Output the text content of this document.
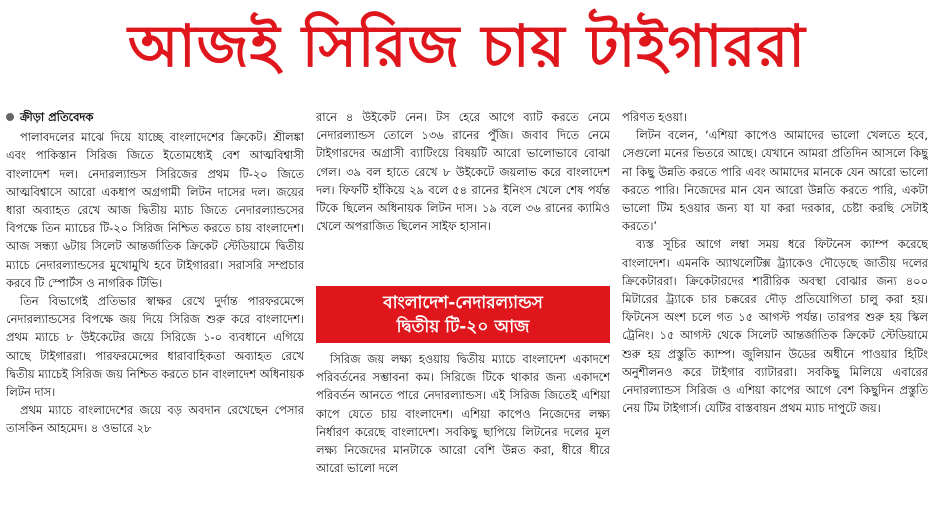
আজই সিরিজ চায় টাইগাররা
ক্রীড়া প্রতিবেদক

পালাবদলের মাঝে দিয়ে যাচ্ছে বাংলাদেশের ক্রিকেট। শ্রীলঙ্কা এবং পাকিস্তান সিরিজ জিতে ইতোমধ্যেই বেশ আত্মবিশ্বাসী বাংলাদেশ দল। নেদারল্যান্ডস সিরিজের প্রথম টি-২০ জিতে আত্মবিশ্বাসে আরো একধাপ অগ্রগামী লিটন দাসের দল। জয়ের ধারা অব্যাহত রেখে আজ দ্বিতীয় ম্যাচ জিতে নেদারল্যান্ডসের বিপক্ষে তিন ম্যাচের টি-২০ সিরিজ নিশ্চিত করতে চায় বাংলাদেশ। আজ সন্ধ্যা ৬টায় সিলেট আন্তর্জাতিক ক্রিকেট স্টেডিয়ামে দ্বিতীয় ম্যাচে নেদারল্যান্ডসের মুখোমুখি হবে টাইগাররা। সরাসরি সম্প্রচার করবে টি স্পোর্টস ও নাগরিক টিভি।

তিন বিভাগেই প্রতিভার স্বাক্ষর রেখে দুর্দান্ত পারফরমেন্সে নেদারল্যান্ডসের বিপক্ষে জয় দিয়ে সিরিজ শুরু করে বাংলাদেশ। প্রথম ম্যাচে ৮ উইকেটের জয়ে সিরিজে ১-০ ব্যবধানে এগিয়ে আছে টাইগাররা। পারফরমেন্সের ধারাবাহিকতা অব্যাহত রেখে দ্বিতীয় ম্যাচেই সিরিজ জয় নিশ্চিত করতে চান বাংলাদেশ অধিনায়ক লিটন দাস।

প্রথম ম্যাচে বাংলাদেশের জয়ে বড় অবদান রেখেছেন পেসার তাসকিন আহমেদ। ৪ ওভারে ২৮

রানে ৪ উইকেট নেন। টস হেরে আগে ব্যাট করতে নেমে নেদারল্যান্ডস তোলে ১৩৬ রানের পুঁজি। জবাব দিতে নেমে টাইগারদের অগ্রাসী ব্যাটিংয়ে বিষয়টি আরো ভালোভাবে বোঝা গেল। ৩৯ বল হাতে রেখে ৮ উইকেটে জয়লাভ করে বাংলাদেশ দল। ফিফটি হাঁকিয়ে ২৯ বলে ৫৪ রানের ইনিংস খেলে শেষ পর্যন্ত টিকে ছিলেন অধিনায়ক লিটন দাস। ১৯ বলে ৩৬ রানের ক্যামিও খেলে অপরাজিত ছিলেন সাইফ হাসান।

বাংলাদেশ-নেদারল্যান্ডস
দ্বিতীয় টি-২০ আজ

সিরিজ জয় লক্ষ্য হওয়ায় দ্বিতীয় ম্যাচে বাংলাদেশ একাদশে পরিবর্তনের সম্ভাবনা কম। সিরিজে টিকে থাকার জন্য একাদশে পরিবর্তন আনতে পারে নেদারল্যান্ডস। এই সিরিজ জিতেই এশিয়া কাপে যেতে চায় বাংলাদেশ। এশিয়া কাপেও নিজেদের লক্ষ্য নির্ধারণ করেছে বাংলাদেশ। সবকিছু ছাপিয়ে লিটনের দলের মূল লক্ষ্য নিজেদের মানটাকে আরো বেশি উন্নত করা, ধীরে ধীরে আরো ভালো দলে

পরিণত হওয়া।

লিটন বলেন, ‘এশিয়া কাপেও আমাদের ভালো খেলতে হবে, সেগুলো মনের ভিতরে আছে। যেখানে আমরা প্রতিদিন আসলে কিছু না কিছু উন্নতি করতে পারি এবং আমাদের মানকে যেন আরো ভালো করতে পারি। নিজেদের মান যেন আরো উন্নতি করতে পারি, একটা ভালো টিম হওয়ার জন্য যা যা করা দরকার, চেষ্টা করছি সেটাই করতে।’

ব্যস্ত সূচির আগে লম্বা সময় ধরে ফিটনেস ক্যাম্প করেছে বাংলাদেশ। এমনকি অ্যাথলেটিক্স ট্র্যাকেও দৌড়েছে জাতীয় দলের ক্রিকেটাররা। ক্রিকেটারদের শারীরিক অবস্থা বোঝার জন্য ৪০০ মিটারের ট্র্যাকে চার চক্করের দৌড় প্রতিযোগিতা চালু করা হয়। ফিটনেস অংশ চলে গত ১৫ আগস্ট পর্যন্ত। তারপর শুরু হয় স্কিল ট্রেনিং। ১৫ আগস্ট থেকে সিলেট আন্তর্জাতিক ক্রিকেট স্টেডিয়ামে শুরু হয় প্রস্তুতি ক্যাম্প। জুলিয়ান উডের অধীনে পাওয়ার হিটিং অনুশীলনও করে টাইগার ব্যাটাররা। সবকিছু মিলিয়ে এবারের নেদারল্যান্ডস সিরিজ ও এশিয়া কাপের আগে বেশ কিছুদিন প্রস্তুতি নেয় টিম টাইগার্স। যেটির বাস্তবায়ন প্রথম ম্যাচ দাপুটে জয়।
